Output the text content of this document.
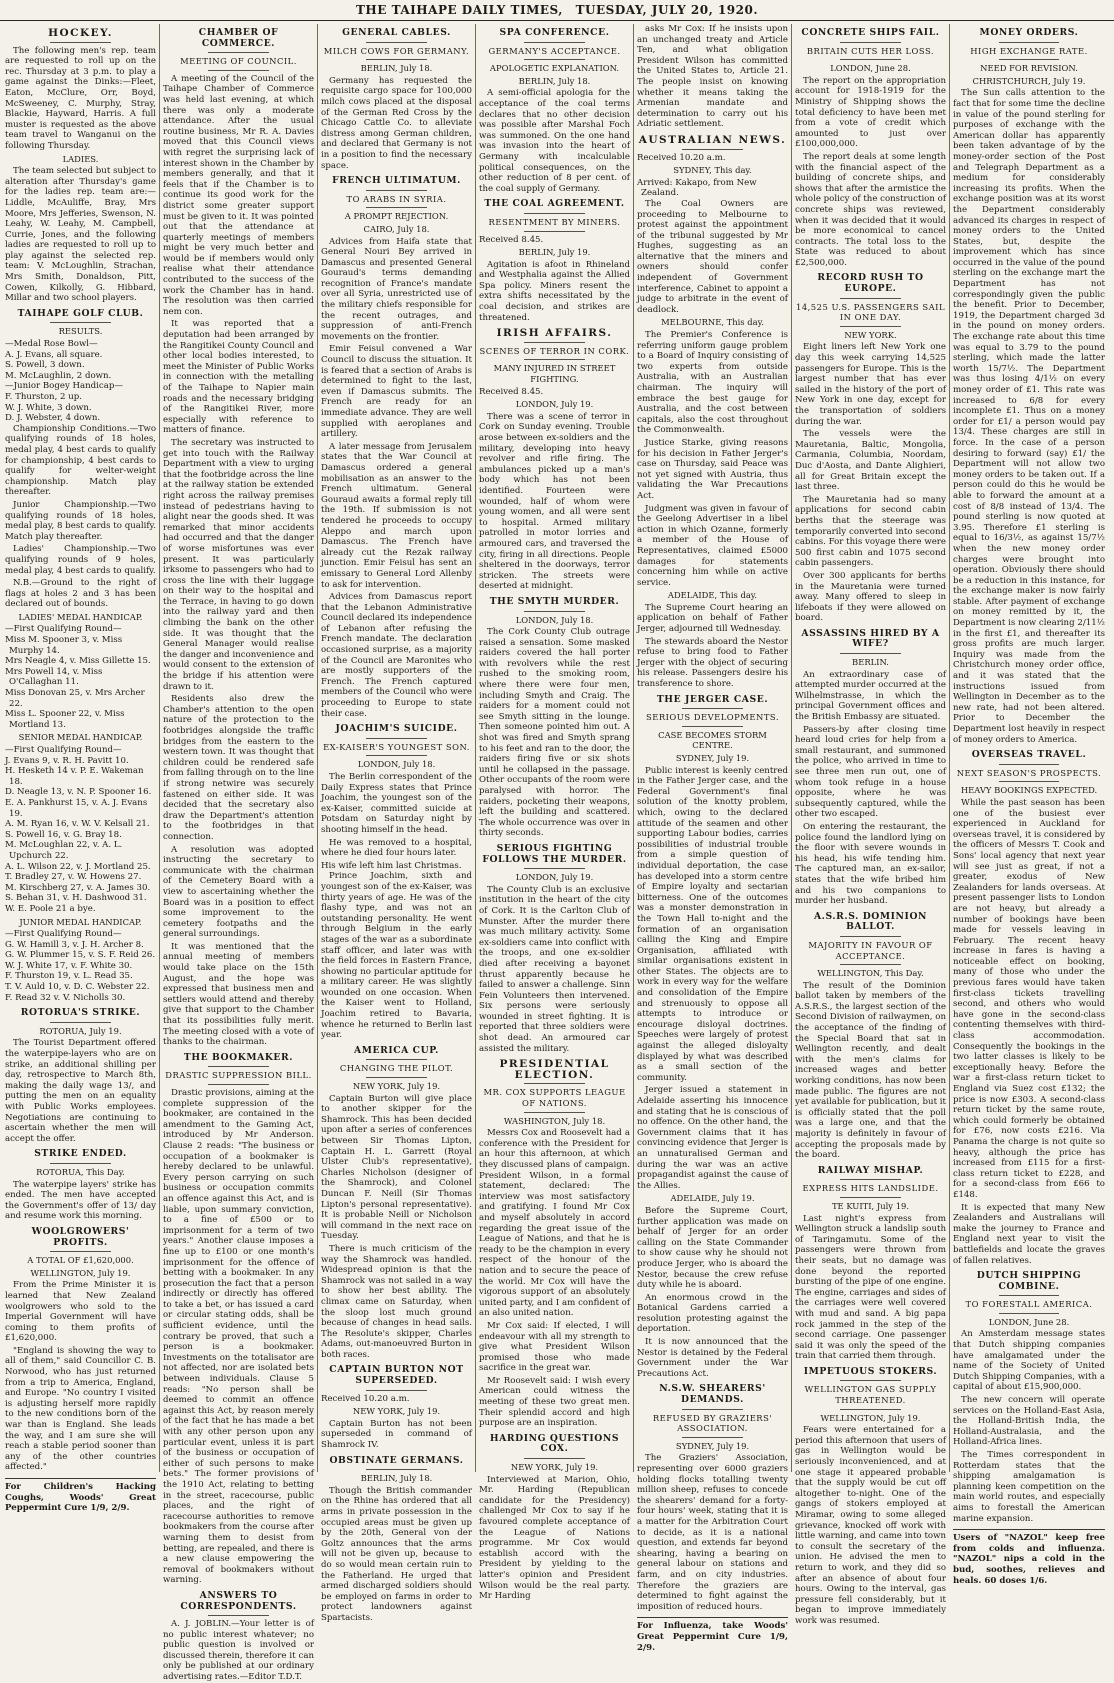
THE TAIHAPE DAILY TIMES, TUESDAY, JULY 20, 1920.
HOCKEY.

The following men's rep. team are requested to roll up on the rec. Thursday at 3 p.m. to play a game against the Dinks:—Fleet, Eaton, McClure, Orr, Boyd, McSweeney, C. Murphy, Stray, Blackie, Hayward, Harris. A full muster is requested as the above team travel to Wanganui on the following Thursday.

LADIES.

The team selected but subject to alteration after Thursday's game for the ladies rep. team are:—Liddle, McAuliffe, Bray, Mrs Moore, Mrs Jefferies, Swenson, N. Leahy, W. Leahy, M. Campbell, Currie, Jones, and the following ladies are requested to roll up to play against the selected rep. team: V. McLoughlin, Strachan, Mrs Smith, Donaldson, Pitt, Cowen, Kilkolly, G. Hibbard, Millar and two school players.

TAIHAPE GOLF CLUB.

RESULTS.

—Medal Rose Bowl—

A. J. Evans, all square.

S. Powell, 3 down.

M. McLaughlin, 2 down.

—Junior Bogey Handicap—

F. Thurston, 2 up.

W. J. White, 3 down.

D. J. Webster, 4 down.

Championship Conditions.—Two qualifying rounds of 18 holes, medal play, 4 best cards to qualify for championship, 4 best cards to qualify for welter-weight championship. Match play thereafter.

Junior Championship.—Two qualifying rounds of 18 holes, medal play, 8 best cards to qualify. Match play thereafter.

Ladies' Championship.—Two qualifying rounds of 9 holes, medal play, 4 best cards to qualify.

N.B.—Ground to the right of flags at holes 2 and 3 has been declared out of bounds.

LADIES' MEDAL HANDICAP.

—First Qualifying Round—

Miss M. Spooner 3, v. Miss Murphy 14.

Mrs Neagle 4, v. Miss Gillette 15.

Mrs Powell 14, v. Miss O'Callaghan 11.

Miss Donovan 25, v. Mrs Archer 22.

Miss L. Spooner 22, v. Miss Mortland 13.

SENIOR MEDAL HANDICAP.

—First Qualifying Round—

J. Evans 9, v. R. H. Pavitt 10.

H. Hesketh 14 v. P. E. Wakeman 18.

D. Neagle 13, v. N. P. Spooner 16.

E. A. Pankhurst 15, v. A. J. Evans 19.

A. M. Ryan 16, v. W. V. Kelsall 21.

S. Powell 16, v. G. Bray 18.

M. McLoughlan 22, v. A. L. Upchurch 22.

A. L. Wilson 22, v. J. Mortland 25.

T. Bradley 27, v. W. Howens 27.

M. Kirschberg 27, v. A. James 30.

S. Behan 31, v. H. Dashwood 31.

W. E. Poole 21 a bye.

JUNIOR MEDAL HANDICAP.

—First Qualifying Round—

G. W. Hamill 3, v. J. H. Archer 8.

G. W. Plummer 15, v. S. F. Reid 26.

W. J. White 17, v. F. White 30.

F. Thurston 19, v. L. Read 35.

T. V. Auld 10, v. D. C. Webster 22.

F. Read 32 v. V. Nicholls 30.

ROTORUA'S STRIKE.

ROTORUA, July 19.

The Tourist Department offered the waterpipe-layers who are on strike, an additional shilling per day, retrospective to March 8th, making the daily wage 13/, and putting the men on an equality with Public Works employees. Negotiations are continuing to ascertain whether the men will accept the offer.

STRIKE ENDED.

ROTORUA, This Day.

The waterpipe layers' strike has ended. The men have accepted the Government's offer of 13/ day and resume work this morning.

WOOLGROWERS' PROFITS.

A TOTAL OF £1,620,000.

WELLINGTON, July 19.

From the Prime Minister it is learned that New Zealand woolgrowers who sold to the Imperial Government will have coming to them profits of £1,620,000.

"England is showing the way to all of them," said Councillor C. B. Norwood, who has just returned from a trip to America, England, and Europe. "No country I visited is adjusting herself more rapidly to the new conditions born of the war than is England. She leads the way, and I am sure she will reach a stable period sooner than any of the other countries affected."

For Children's Hacking Coughs, Woods' Great Peppermint Cure 1/9, 2/9.
CHAMBER OF COMMERCE.
MEETING OF COUNCIL.

A meeting of the Council of the Taihape Chamber of Commerce was held last evening, at which there was only a moderate attendance. After the usual routine business, Mr R. A. Davies moved that this Council views with regret the surprising lack of interest shown in the Chamber by members generally, and that it feels that if the Chamber is to continue its good work for the district some greater support must be given to it. It was pointed out that the attendance at quarterly meetings of members might be very much better and would be if members would only realise what their attendance contributed to the success of the work the Chamber has in hand. The resolution was then carried nem con.

It was reported that a deputation had been arranged by the Rangitikei County Council and other local bodies interested, to meet the Minister of Public Works in connection with the metalling of the Taihape to Napier main roads and the necessary bridging of the Rangitikei River, more especially with reference to matters of finance.

The secretary was instructed to get into touch with the Railway Department with a view to urging that the footbridge across the line at the railway station be extended right across the railway premises instead of pedestrians having to alight near the goods shed. It was remarked that minor accidents had occurred and that the danger of worse misfortunes was ever present. It was particularly irksome to passengers who had to cross the line with their luggage on their way to the hospital and the Terrace, in having to go down into the railway yard and then climbing the bank on the other side. It was thought that the General Manager would realise the danger and inconvenience and would consent to the extension of the bridge if his attention were drawn to it.

Residents also drew the Chamber's attention to the open nature of the protection to the footbridges alongside the traffic bridges from the eastern to the western town. It was thought that children could be rendered safe from falling through on to the line if strong netwire was securely fastened on either side. It was decided that the secretary also draw the Department's attention to the footbridges in that connection.

A resolution was adopted instructing the secretary to communicate with the chairman of the Cemetery Board with a view to ascertaining whether the Board was in a position to effect some improvement to the cemetery footpaths and the general surroundings.

It was mentioned that the annual meeting of members would take place on the 15th August, and the hope was expressed that business men and settlers would attend and thereby give that support to the Chamber that its possibilities fully merit. The meeting closed with a vote of thanks to the chairman.

THE BOOKMAKER.
DRASTIC SUPPRESSION BILL.

Drastic provisions, aiming at the complete suppression of the bookmaker, are contained in the amendment to the Gaming Act, introduced by Mr Anderson. Clause 2 reads: "The business or occupation of a bookmaker is hereby declared to be unlawful. Every person carrying on such business or occupation commits an offence against this Act, and is liable, upon summary conviction, to a fine of £500 or to imprisonment for a term of two years." Another clause imposes a fine up to £100 or one month's imprisonment for the offence of betting with a bookmaker. In any prosecution the fact that a person indirectly or directly has offered to take a bet, or has issued a card or circular stating odds, shall be sufficient evidence, until the contrary be proved, that such a person is a bookmaker. Investments on the totalisator are not affected, nor are isolated bets between individuals. Clause 5 reads: "No person shall be deemed to commit an offence against this Act, by reason merely of the fact that he has made a bet with any other person upon any particular event, unless it is part of the business or occupation of either of such persons to make bets." The former provisions of the 1910 Act, relating to betting in the street, racecourse, public places, and the right of racecourse authorities to remove bookmakers from the course after warning them to desist from betting, are repealed, and there is a new clause empowering the removal of bookmakers without warning.

ANSWERS TO CORRESPONDENTS.

A. J. JOBLIN.—Your letter is of no public interest whatever; no public question is involved or discussed therein, therefore it can only be published at our ordinary advertising rates.—Editor T.D.T.

GENERAL CABLES.
MILCH COWS FOR GERMANY.

BERLIN, July 18.

Germany has requested the requisite cargo space for 100,000 milch cows placed at the disposal of the German Red Cross by the Chicago Cattle Co. to alleviate distress among German children, and declared that Germany is not in a position to find the necessary space.

FRENCH ULTIMATUM.
TO ARABS IN SYRIA.

A PROMPT REJECTION.

CAIRO, July 18.

Advices from Haifa state that General Nouri Bey arrived in Damascus and presented General Gouraud's terms demanding recognition of France's mandate over all Syria, unrestricted use of the military chiefs responsible for the recent outrages, and suppression of anti-French movements on the frontier.

Emir Feisul convened a War Council to discuss the situation. It is feared that a section of Arabs is determined to fight to the last, even if Damascus submits. The French are ready for an immediate advance. They are well supplied with aeroplanes and artillery.

A later message from Jerusalem states that the War Council at Damascus ordered a general mobilisation as an answer to the French ultimatum. General Gouraud awaits a formal reply till the 19th. If submission is not tendered he proceeds to occupy Aleppo and march upon Damascus. The French have already cut the Rezak railway junction. Emir Feisul has sent an emissary to General Lord Allenby to ask for intervention.

Advices from Damascus report that the Lebanon Administrative Council declared its independence of Lebanon after refusing the French mandate. The declaration occasioned surprise, as a majority of the Council are Maronites who are mostly supporters of the French. The French captured members of the Council who were proceeding to Europe to state their case.

JOACHIM'S SUICIDE.
EX-KAISER'S YOUNGEST SON.

LONDON, July 18.

The Berlin correspondent of the Daily Express states that Prince Joachim, the youngest son of the ex-Kaiser, committed suicide at Potsdam on Saturday night by shooting himself in the head.

He was removed to a hospital, where he died four hours later.

His wife left him last Christmas.

Prince Joachim, sixth and youngest son of the ex-Kaiser, was thirty years of age. He was of the flashy type, and was not an outstanding personality. He went through Belgium in the early stages of the war as a subordinate staff officer, and later was with the field forces in Eastern France, showing no particular aptitude for a military career. He was slightly wounded on one occasion. When the Kaiser went to Holland, Joachim retired to Bavaria, whence he returned to Berlin last year.

AMERICA CUP.
CHANGING THE PILOT.

NEW YORK, July 19.

Captain Burton will give place to another skipper for the Shamrock. This has been decided upon after a series of conferences between Sir Thomas Lipton, Captain H. L. Garrett (Royal Ulster Club's representative), Charles Nicholson (designer of the Shamrock), and Colonel Duncan F. Neill (Sir Thomas Lipton's personal representative). It is probable Neill or Nicholson will command in the next race on Tuesday.

There is much criticism of the way the Shamrock was handled. Widespread opinion is that the Shamrock was not sailed in a way to show her best ability. The climax came on Saturday, when the sloop lost much ground because of changes in head sails. The Resolute's skipper, Charles Adams, out-manoeuvred Burton in both races.

CAPTAIN BURTON NOT SUPERSEDED.

Received 10.20 a.m.

NEW YORK, July 19.

Captain Burton has not been superseded in command of Shamrock IV.

OBSTINATE GERMANS.

BERLIN, July 18.

Though the British commander on the Rhine has ordered that all arms in private possession in the occupied areas must be given up by the 20th, General von der Goltz announces that the arms will not be given up, because to do so would mean certain ruin to the Fatherland. He urged that armed discharged soldiers should be employed on farms in order to protect landowners against Spartacists.

SPA CONFERENCE.
GERMANY'S ACCEPTANCE.

APOLOGETIC EXPLANATION.

BERLIN, July 18.

A semi-official apologia for the acceptance of the coal terms declares that no other decision was possible after Marshal Foch was summoned. On the one hand was invasion into the heart of Germany with incalculable political consequences, on the other reduction of 8 per cent. of the coal supply of Germany.

THE COAL AGREEMENT.
RESENTMENT BY MINERS.

Received 8.45.

BERLIN, July 19.

Agitation is afoot in Rhineland and Westphalia against the Allied Spa policy. Miners resent the extra shifts necessitated by the coal decision, and strikes are threatened.

IRISH AFFAIRS.
SCENES OF TERROR IN CORK.

MANY INJURED IN STREET FIGHTING.

Received 8.45.

LONDON, July 19.

There was a scene of terror in Cork on Sunday evening. Trouble arose between ex-soldiers and the military, developing into heavy revolver and rifle firing. The ambulances picked up a man's body which has not been identified. Fourteen were wounded, half of whom were young women, and all were sent to hospital. Armed military patrolled in motor lorries and armoured cars, and traversed the city, firing in all directions. People sheltered in the doorways, terror stricken. The streets were deserted at midnight.

THE SMYTH MURDER.

LONDON, July 18.

The Cork County Club outrage raised a sensation. Some masked raiders covered the hall porter with revolvers while the rest rushed to the smoking room, where there were four men, including Smyth and Craig. The raiders for a moment could not see Smyth sitting in the lounge. Then someone pointed him out. A shot was fired and Smyth sprang to his feet and ran to the door, the raiders firing five or six shots until he collapsed in the passage. Other occupants of the room were paralysed with horror. The raiders, pocketing their weapons, left the building and scattered. The whole occurrence was over in thirty seconds.

SERIOUS FIGHTING FOLLOWS THE MURDER.

LONDON, July 19.

The County Club is an exclusive institution in the heart of the city of Cork. It is the Carlton Club of Munster. After the murder there was much military activity. Some ex-soldiers came into conflict with the troops, and one ex-soldier died after receiving a bayonet thrust apparently because he failed to answer a challenge. Sinn Fein Volunteers then intervened. Six persons were seriously wounded in street fighting. It is reported that three soldiers were shot dead. An armoured car assisted the military.

PRESIDENTIAL ELECTION.
MR. COX SUPPORTS LEAGUE OF NATIONS.

WASHINGTON, July 18.

Messrs Cox and Roosevelt had a conference with the President for an hour this afternoon, at which they discussed plans of campaign. President Wilson, in a formal statement, declared: The interview was most satisfactory and gratifying. I found Mr Cox and myself absolutely in accord regarding the great issue of the League of Nations, and that he is ready to be the champion in every respect of the honour of the nation and to secure the peace of the world. Mr Cox will have the vigorous support of an absolutely united party, and I am confident of an also united nation.

Mr Cox said: If elected, I will endeavour with all my strength to give what President Wilson promised those who made sacrifice in the great war.

Mr Roosevelt said: I wish every American could witness the meeting of these two great men. Their splendid accord and high purpose are an inspiration.

HARDING QUESTIONS COX.

NEW YORK, July 19.

Interviewed at Marion, Ohio, Mr. Harding (Republican candidate for the Presidency) challenged Mr Cox to say if he favoured complete acceptance of the League of Nations programme. Mr Cox would establish accord with the President by yielding to the latter's opinion and President Wilson would be the real party. Mr Harding

asks Mr Cox: If he insists upon an unchanged treaty and Article Ten, and what obligation President Wilson has committed the United States to, Article 21. The people insist on knowing whether it means taking the Armenian mandate and determination to carry out his Adriatic settlement.

AUSTRALIAN NEWS.

Received 10.20 a.m.

SYDNEY, This day.

Arrived: Kakapo, from New Zealand.

The Coal Owners are proceeding to Melbourne to protest against the appointment of the tribunal suggested by Mr Hughes, suggesting as an alternative that the miners and owners should confer independent of Government interference, Cabinet to appoint a judge to arbitrate in the event of deadlock.

MELBOURNE, This day.

The Premier's Conference is referring uniform gauge problem to a Board of Inquiry consisting of two experts from outside Australia, with an Australian chairman. The inquiry will embrace the best gauge for Australia, and the cost between capitals, also the cost throughout the Commonwealth.

Justice Starke, giving reasons for his decision in Father Jerger's case on Thursday, said Peace was not yet signed with Austria, thus validating the War Precautions Act.

Judgment was given in favour of the Geelong Advertiser in a libel action in which Ozanne, formerly a member of the House of Representatives, claimed £5000 damages for statements concerning him while on active service.

ADELAIDE, This day.

The Supreme Court hearing an application on behalf of Father Jerger, adjourned till Wednesday.

The stewards aboard the Nestor refuse to bring food to Father Jerger with the object of securing his release. Passengers desire his transference to shore.

THE JERGER CASE.
SERIOUS DEVELOPMENTS.

CASE BECOMES STORM CENTRE.

SYDNEY, July 19.

Public interest is keenly centred in the Father Jerger case, and the Federal Government's final solution of the knotty problem, which, owing to the declared attitude of the seamen and other supporting Labour bodies, carries possibilities of industrial trouble from a simple question of individual deportation, the case has developed into a storm centre of Empire loyalty and sectarian bitterness. One of the outcomes was a monster demonstration in the Town Hall to-night and the formation of an organisation calling the King and Empire Organisation, affiliated with similar organisations existent in other States. The objects are to work in every way for the welfare and consolidation of the Empire and strenuously to oppose all attempts to introduce or encourage disloyal doctrines. Speeches were largely of protest against the alleged disloyalty displayed by what was described as a small section of the community.

Jerger issued a statement in Adelaide asserting his innocence and stating that he is conscious of no offence. On the other hand, the Government claims that it has convincing evidence that Jerger is an unnaturalised German and during the war was an active propagandist against the cause of the Allies.

ADELAIDE, July 19.

Before the Supreme Court, further application was made on behalf of Jerger for an order calling on the State Commander to show cause why he should not produce Jerger, who is aboard the Nestor, because the crew refuse duty while he is aboard.

An enormous crowd in the Botanical Gardens carried a resolution protesting against the deportation.

It is now announced that the Nestor is detained by the Federal Government under the War Precautions Act.

N.S.W. SHEARERS' DEMANDS.
REFUSED BY GRAZIERS' ASSOCIATION.

SYDNEY, July 19.

The Graziers' Association, representing over 6000 graziers holding flocks totalling twenty million sheep, refuses to concede the shearers' demand for a forty-four hours' week, stating that it is a matter for the Arbitration Court to decide, as it is a national question, and extends far beyond shearing, having a bearing on general labour on stations and farm, and on city industries. Therefore the graziers are determined to fight against the imposition of reduced hours.

For Influenza, take Woods' Great Peppermint Cure 1/9, 2/9.
CONCRETE SHIPS FAIL.
BRITAIN CUTS HER LOSS.

LONDON, June 28.

The report on the appropriation account for 1918-1919 for the Ministry of Shipping shows the total deficiency to have been met from a vote of credit which amounted to just over £100,000,000.

The report deals at some length with the financial aspect of the building of concrete ships, and shows that after the armistice the whole policy of the construction of concrete ships was reviewed, when it was decided that it would be more economical to cancel contracts. The total loss to the State was reduced to about £2,500,000.

RECORD RUSH TO EUROPE.
14,525 U.S. PASSENGERS SAIL IN ONE DAY.

NEW YORK.

Eight liners left New York one day this week carrying 14,525 passengers for Europe. This is the largest number that has ever sailed in the history of the port of New York in one day, except for the transportation of soldiers during the war.

The vessels were the Mauretania, Baltic, Mongolia, Carmania, Columbia, Noordam, Duc d'Aosta, and Dante Alighieri, all for Great Britain except the last three.

The Mauretania had so many applications for second cabin berths that the steerage was temporarily converted into second cabins. For this voyage there were 500 first cabin and 1075 second cabin passengers.

Over 300 applicants for berths in the Mauretania were turned away. Many offered to sleep in lifeboats if they were allowed on board.

ASSASSINS HIRED BY A WIFE?

BERLIN.

An extraordinary case of attempted murder occurred at the Wilhelmstrasse, in which the principal Government offices and the British Embassy are situated.

Passers-by after closing time heard loud cries for help from a small restaurant, and summoned the police, who arrived in time to see three men run out, one of whom took refuge in a house opposite, where he was subsequently captured, while the other two escaped.

On entering the restaurant, the police found the landlord lying on the floor with severe wounds in his head, his wife tending him. The captured man, an ex-sailor, states that the wife bribed him and his two companions to murder her husband.

A.S.R.S. DOMINION BALLOT.
MAJORITY IN FAVOUR OF ACCEPTANCE.

WELLINGTON, This Day.

The result of the Dominion ballot taken by members of the A.S.R.S., the largest section of the Second Division of railwaymen, on the acceptance of the finding of the Special Board that sat in Wellington recently, and dealt with the men's claims for increased wages and better working conditions, has now been made public. The figures are not yet available for publication, but it is officially stated that the poll was a large one, and that the majority is definitely in favour of accepting the proposals made by the board.

RAILWAY MISHAP.
EXPRESS HITS LANDSLIDE.

TE KUITI, July 19.

Last night's express from Wellington struck a landslip south of Taringamutu. Some of the passengers were thrown from their seats, but no damage was done beyond the reported bursting of the pipe of one engine. The engine, carriages and sides of the carriages were well covered with mud and sand. A big papa rock jammed in the step of the second carriage. One passenger said it was only the speed of the train that carried them through.

IMPETUOUS STOKERS.
WELLINGTON GAS SUPPLY THREATENED.

WELLINGTON, July 19.

Fears were entertained for a period this afternoon that users of gas in Wellington would be seriously inconvenienced, and at one stage it appeared probable that the supply would be cut off altogether to-night. One of the gangs of stokers employed at Miramar, owing to some alleged grievance, knocked off work with little warning, and came into town to consult the secretary of the union. He advised the men to return to work, and they did so after an absence of about four hours. Owing to the interval, gas pressure fell considerably, but it began to improve immediately work was resumed.

MONEY ORDERS.
HIGH EXCHANGE RATE.

NEED FOR REVISION.

CHRISTCHURCH, July 19.

The Sun calls attention to the fact that for some time the decline in value of the pound sterling for purposes of exchange with the American dollar has apparently been taken advantage of by the money-order section of the Post and Telegraph Department as a medium for considerably increasing its profits. When the exchange position was at its worst the Department considerably advanced its charges in respect of money orders to the United States, but, despite the improvement which has since occurred in the value of the pound sterling on the exchange mart the Department has not correspondingly given the public the benefit. Prior to December, 1919, the Department charged 3d in the pound on money orders. The exchange rate about this time was equal to 3.79 to the pound sterling, which made the latter worth 15/7½. The Department was thus losing 4/1½ on every money order of £1. This rate was increased to 6/8 for every incomplete £1. Thus on a money order for £1/ a person would pay 13/4. These charges are still in force. In the case of a person desiring to forward (say) £1/ the Department will not allow two money orders to be taken out. If a person could do this he would be able to forward the amount at a cost of 8/8 instead of 13/4. The pound sterling is now quoted at 3.95. Therefore £1 sterling is equal to 16/3½, as against 15/7½ when the new money order charges were brought into operation. Obviously there should be a reduction in this instance, for the exchange maker is now fairly stable. After payment of exchange on money remitted by it, the Department is now clearing 2/11½ in the first £1, and thereafter its gross profits are much larger. Inquiry was made from the Christchurch money order office, and it was stated that the instructions issued from Wellington in December as to the new rate, had not been altered. Prior to December the Department lost heavily in respect of money orders to America.

OVERSEAS TRAVEL.
NEXT SEASON'S PROSPECTS.

HEAVY BOOKINGS EXPECTED.

While the past season has been one of the busiest ever experienced in Auckland for overseas travel, it is considered by the officers of Messrs T. Cook and Sons' local agency that next year will see just as great, if not a greater, exodus of New Zealanders for lands overseas. At present passenger lists to London are not heavy, but already a number of bookings have been made for vessels leaving in February. The recent heavy increase in fares is having a noticeable effect on booking, many of those who under the previous fares would have taken first-class tickets travelling second, and others who would have gone in the second-class contenting themselves with third-class accommodation. Consequently the bookings in the two latter classes is likely to be exceptionally heavy. Before the war a first-class return ticket to England via Suez cost £132; the price is now £303. A second-class return ticket by the same route, which could formerly be obtained for £76, now costs £216. Via Panama the charge is not quite so heavy, although the price has increased from £115 for a first-class return ticket to £228, and for a second-class from £66 to £148.

It is expected that many New Zealanders and Australians will make the journey to France and England next year to visit the battlefields and locate the graves of fallen relatives.

DUTCH SHIPPING COMBINE.
TO FORESTALL AMERICA.

LONDON, June 28.

An Amsterdam message states that Dutch shipping companies have amalgamated under the name of the Society of United Dutch Shipping Companies, with a capital of about £15,900,000.

The new concern will operate services on the Holland-East Asia, the Holland-British India, the Holland-Australasia, and the Holland-Africa lines.

The Times correspondent in Rotterdam states that the shipping amalgamation is planning keen competition on the main world routes, and especially aims to forestall the American marine expansion.

Users of "NAZOL" keep free from colds and influenza. "NAZOL" nips a cold in the bud, soothes, relieves and heals. 60 doses 1/6.
